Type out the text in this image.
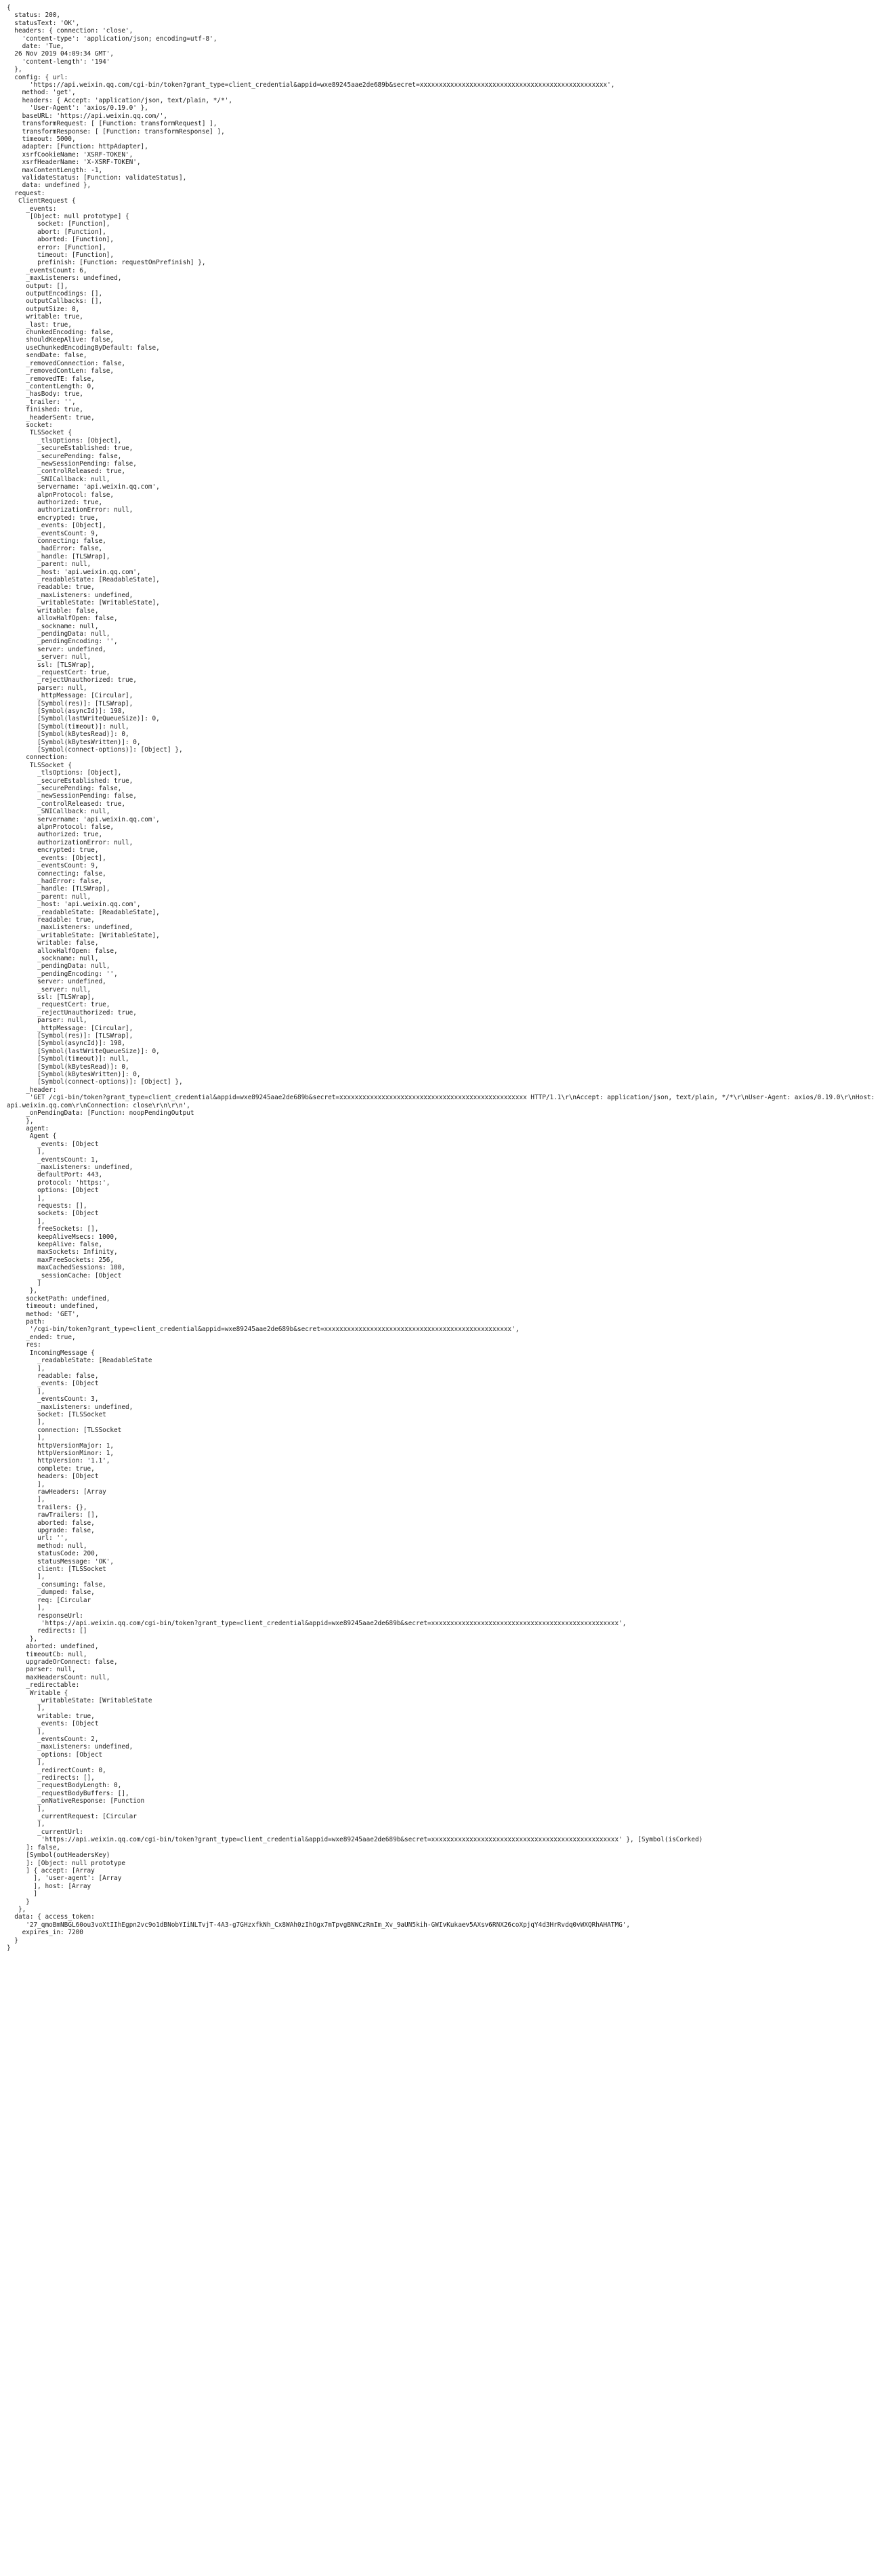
{
status: 200,
statusText: 'OK',
headers: { connection: 'close',
'content-type': 'application/json; encoding=utf-8',
date: 'Tue,
26 Nov 2019 04:09:34 GMT',
'content-length': '194'
},
config: { url:
'https://api.weixin.qq.com/cgi-bin/token?grant_type=client_credential&appid=wxe89245aae2de689b&secret=xxxxxxxxxxxxxxxxxxxxxxxxxxxxxxxxxxxxxxxxxxxxxxxxx',
method: 'get',
headers: { Accept: 'application/json, text/plain, */*',
'User-Agent': 'axios/0.19.0' },
baseURL: 'https://api.weixin.qq.com/',
transformRequest: [ [Function: transformRequest] ],
transformResponse: [ [Function: transformResponse] ],
timeout: 5000,
adapter: [Function: httpAdapter],
xsrfCookieName: 'XSRF-TOKEN',
xsrfHeaderName: 'X-XSRF-TOKEN',
maxContentLength: -1,
validateStatus: [Function: validateStatus],
data: undefined },
request:
ClientRequest {
_events:
[Object: null prototype] {
socket: [Function],
abort: [Function],
aborted: [Function],
error: [Function],
timeout: [Function],
prefinish: [Function: requestOnPrefinish] },
_eventsCount: 6,
_maxListeners: undefined,
output: [],
outputEncodings: [],
outputCallbacks: [],
outputSize: 0,
writable: true,
_last: true,
chunkedEncoding: false,
shouldKeepAlive: false,
useChunkedEncodingByDefault: false,
sendDate: false,
_removedConnection: false,
_removedContLen: false,
_removedTE: false,
_contentLength: 0,
_hasBody: true,
_trailer: '',
finished: true,
_headerSent: true,
socket:
TLSSocket {
_tlsOptions: [Object],
_secureEstablished: true,
_securePending: false,
_newSessionPending: false,
_controlReleased: true,
_SNICallback: null,
servername: 'api.weixin.qq.com',
alpnProtocol: false,
authorized: true,
authorizationError: null,
encrypted: true,
_events: [Object],
_eventsCount: 9,
connecting: false,
_hadError: false,
_handle: [TLSWrap],
_parent: null,
_host: 'api.weixin.qq.com',
_readableState: [ReadableState],
readable: true,
_maxListeners: undefined,
_writableState: [WritableState],
writable: false,
allowHalfOpen: false,
_sockname: null,
_pendingData: null,
_pendingEncoding: '',
server: undefined,
_server: null,
ssl: [TLSWrap],
_requestCert: true,
_rejectUnauthorized: true,
parser: null,
_httpMessage: [Circular],
[Symbol(res)]: [TLSWrap],
[Symbol(asyncId)]: 198,
[Symbol(lastWriteQueueSize)]: 0,
[Symbol(timeout)]: null,
[Symbol(kBytesRead)]: 0,
[Symbol(kBytesWritten)]: 0,
[Symbol(connect-options)]: [Object] },
connection:
TLSSocket {
_tlsOptions: [Object],
_secureEstablished: true,
_securePending: false,
_newSessionPending: false,
_controlReleased: true,
_SNICallback: null,
servername: 'api.weixin.qq.com',
alpnProtocol: false,
authorized: true,
authorizationError: null,
encrypted: true,
_events: [Object],
_eventsCount: 9,
connecting: false,
_hadError: false,
_handle: [TLSWrap],
_parent: null,
_host: 'api.weixin.qq.com',
_readableState: [ReadableState],
readable: true,
_maxListeners: undefined,
_writableState: [WritableState],
writable: false,
allowHalfOpen: false,
_sockname: null,
_pendingData: null,
_pendingEncoding: '',
server: undefined,
_server: null,
ssl: [TLSWrap],
_requestCert: true,
_rejectUnauthorized: true,
parser: null,
_httpMessage: [Circular],
[Symbol(res)]: [TLSWrap],
[Symbol(asyncId)]: 198,
[Symbol(lastWriteQueueSize)]: 0,
[Symbol(timeout)]: null,
[Symbol(kBytesRead)]: 0,
[Symbol(kBytesWritten)]: 0,
[Symbol(connect-options)]: [Object] },
_header:
'GET /cgi-bin/token?grant_type=client_credential&appid=wxe89245aae2de689b&secret=xxxxxxxxxxxxxxxxxxxxxxxxxxxxxxxxxxxxxxxxxxxxxxxxx HTTP/1.1\r\nAccept: application/json, text/plain, */*\r\nUser-Agent: axios/0.19.0\r\nHost: api.weixin.qq.com\r\nConnection: close\r\n\r\n',
_onPendingData: [Function: noopPendingOutput
},
agent:
Agent {
_events: [Object
],
_eventsCount: 1,
_maxListeners: undefined,
defaultPort: 443,
protocol: 'https:',
options: [Object
],
requests: [],
sockets: [Object
],
freeSockets: [],
keepAliveMsecs: 1000,
keepAlive: false,
maxSockets: Infinity,
maxFreeSockets: 256,
maxCachedSessions: 100,
_sessionCache: [Object
]
},
socketPath: undefined,
timeout: undefined,
method: 'GET',
path:
'/cgi-bin/token?grant_type=client_credential&appid=wxe89245aae2de689b&secret=xxxxxxxxxxxxxxxxxxxxxxxxxxxxxxxxxxxxxxxxxxxxxxxxx',
_ended: true,
res:
IncomingMessage {
_readableState: [ReadableState
],
readable: false,
_events: [Object
],
_eventsCount: 3,
_maxListeners: undefined,
socket: [TLSSocket
],
connection: [TLSSocket
],
httpVersionMajor: 1,
httpVersionMinor: 1,
httpVersion: '1.1',
complete: true,
headers: [Object
],
rawHeaders: [Array
],
trailers: {},
rawTrailers: [],
aborted: false,
upgrade: false,
url: '',
method: null,
statusCode: 200,
statusMessage: 'OK',
client: [TLSSocket
],
_consuming: false,
_dumped: false,
req: [Circular
],
responseUrl:
'https://api.weixin.qq.com/cgi-bin/token?grant_type=client_credential&appid=wxe89245aae2de689b&secret=xxxxxxxxxxxxxxxxxxxxxxxxxxxxxxxxxxxxxxxxxxxxxxxxx',
redirects: []
},
aborted: undefined,
timeoutCb: null,
upgradeOrConnect: false,
parser: null,
maxHeadersCount: null,
_redirectable:
Writable {
_writableState: [WritableState
],
writable: true,
_events: [Object
],
_eventsCount: 2,
_maxListeners: undefined,
_options: [Object
],
_redirectCount: 0,
_redirects: [],
_requestBodyLength: 0,
_requestBodyBuffers: [],
_onNativeResponse: [Function
],
_currentRequest: [Circular
],
_currentUrl:
'https://api.weixin.qq.com/cgi-bin/token?grant_type=client_credential&appid=wxe89245aae2de689b&secret=xxxxxxxxxxxxxxxxxxxxxxxxxxxxxxxxxxxxxxxxxxxxxxxxx' }, [Symbol(isCorked)
]: false,
[Symbol(outHeadersKey)
]: [Object: null prototype
] { accept: [Array
], 'user-agent': [Array
], host: [Array
]
}
},
data: { access_token:
'27_qmoBmNBGL60ou3voXtIIhEgpn2vc9o1dBNobYIiNLTvjT-4A3-g7GHzxfkNh_Cx8WAh0zIhOgx7mTpvgBNWCzRmIm_Xv_9aUN5kih-GWIvKukaev5AXsv6RNX26coXpjqY4d3HrRvdq0vWXQRhAHATMG',
expires_in: 7200
}
}
